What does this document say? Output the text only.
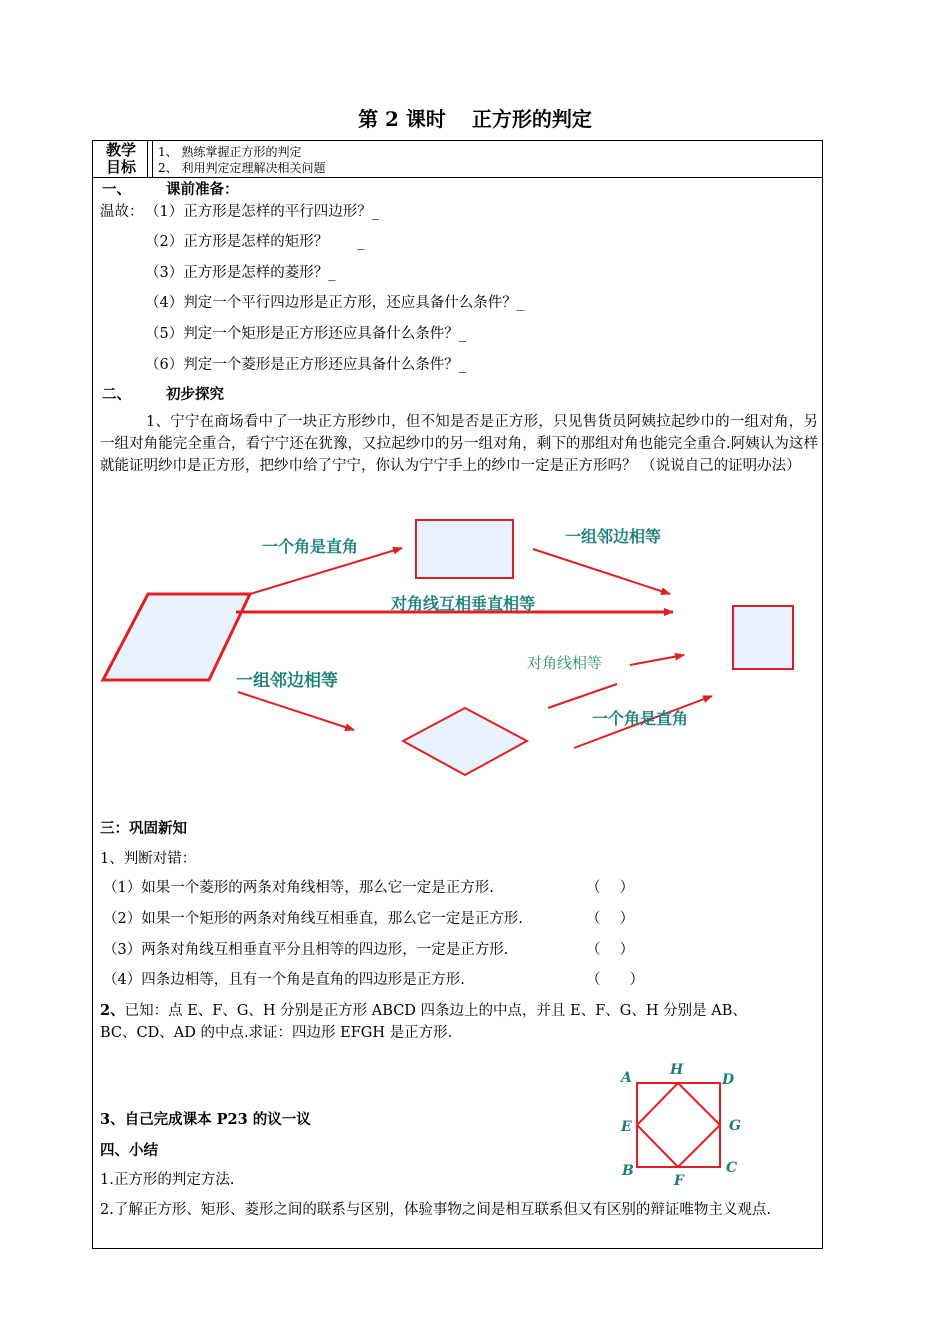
第 2 课时 正方形的判定
教学
目标
1、 熟练掌握正方形的判定
2、 利用判定定理解决相关问题
一、 课前准备：
温故： （1）正方形是怎样的平行四边形？_
（2）正方形是怎样的矩形？　　_
（3）正方形是怎样的菱形？_
（4）判定一个平行四边形是正方形，还应具备什么条件？_
（5）判定一个矩形是正方形还应具备什么条件？_
（6）判定一个菱形是正方形还应具备什么条件？_
二、 初步探究
1、宁宁在商场看中了一块正方形纱巾，但不知是否是正方形，只见售货员阿姨拉起纱巾的一组对角，另一组对角能完全重合，看宁宁还在犹豫，又拉起纱巾的另一组对角，剩下的那组对角也能完全重合.阿姨认为这样就能证明纱巾是正方形，把纱巾给了宁宁，你认为宁宁手上的纱巾一定是正方形吗？ （说说自己的证明办法）
一个角是直角
一组邻边相等
对角线互相垂直相等
一组邻边相等
对角线相等
一个角是直角
A	H
D
E	G
B	C
F
三：巩固新知
1、判断对错：
（1）如果一个菱形的两条对角线相等，那么它一定是正方形.	（　 ）
（2）如果一个矩形的两条对角线互相垂直，那么它一定是正方形.	（　 ）
（3）两条对角线互相垂直平分且相等的四边形，一定是正方形.	（　 ）
（4）四条边相等，且有一个角是直角的四边形是正方形.	（　　）
2、已知：点 E、F、G、H 分别是正方形 ABCD 四条边上的中点，并且 E、F、G、H 分别是 AB、
BC、CD、AD 的中点.求证：四边形 EFGH 是正方形.
3、自己完成课本 P23 的议一议
四、小结
1.正方形的判定方法.
2.了解正方形、矩形、菱形之间的联系与区别，体验事物之间是相互联系但又有区别的辩证唯物主义观点.
